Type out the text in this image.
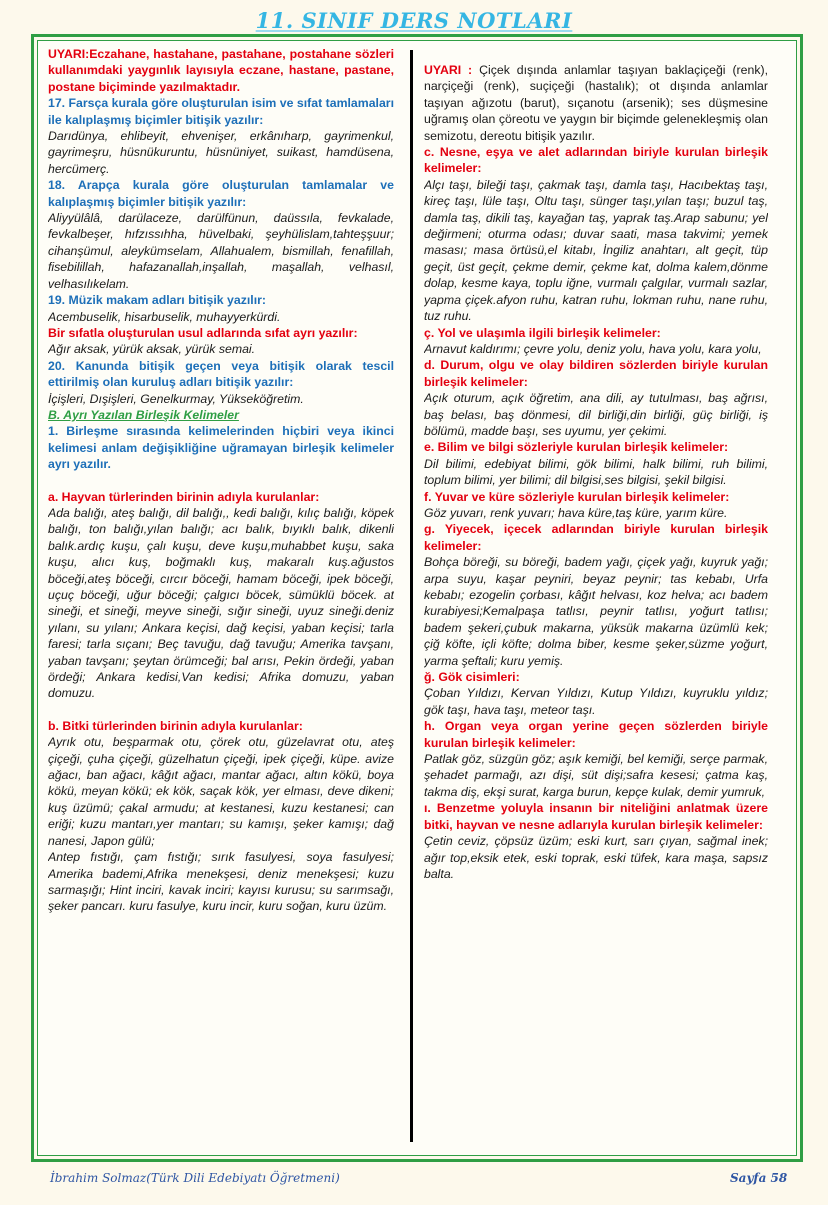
11. SINIF DERS NOTLARI

UYARI:Eczahane, hastahane, pastahane, postahane sözleri kullanımdaki yaygınlık layısıyla eczane, hastane, pastane, postane biçiminde yazılmaktadır.

17. Farsça kurala göre oluşturulan isim ve sıfat tamlamaları ile kalıplaşmış biçimler bitişik yazılır:

Darıdünya, ehlibeyit, ehvenişer, erkânıharp, gayrimenkul, gayrimeşru, hüsnükuruntu, hüsnüniyet, suikast, hamdüsena, hercümerç.

18. Arapça kurala göre oluşturulan tamlamalar ve kalıplaşmış biçimler bitişik yazılır:

Aliyyülâlâ, darülaceze, darülfünun, daüssıla, fevkalade, fevkalbeşer, hıfzıssıhha, hüvelbaki, şeyhülislam,tahteşşuur; cihanşümul, aleykümselam, Allahualem, bismillah, fenafillah, fisebilillah, hafazanallah,inşallah, maşallah, velhasıl, velhasılıkelam.

19. Müzik makam adları bitişik yazılır:

Acembuselik, hisarbuselik, muhayyerkürdi.

Bir sıfatla oluşturulan usul adlarında sıfat ayrı yazılır:

Ağır aksak, yürük aksak, yürük semai.

20. Kanunda bitişik geçen veya bitişik olarak tescil ettirilmiş olan kuruluş adları bitişik yazılır:

İçişleri, Dışişleri, Genelkurmay, Yükseköğretim.

B. Ayrı Yazılan Birleşik Kelimeler

1. Birleşme sırasında kelimelerinden hiçbiri veya ikinci kelimesi anlam değişikliğine uğramayan birleşik kelimeler ayrı yazılır.

a. Hayvan türlerinden birinin adıyla kurulanlar:

Ada balığı, ateş balığı, dil balığı,, kedi balığı, kılıç balığı, köpek balığı, ton balığı,yılan balığı; acı balık, bıyıklı balık, dikenli balık.ardıç kuşu, çalı kuşu, deve kuşu,muhabbet kuşu, saka kuşu, alıcı kuş, boğmaklı kuş, makaralı kuş.ağustos böceği,ateş böceği, cırcır böceği, hamam böceği, ipek böceği, uçuç böceği, uğur böceği; çalgıcı böcek, sümüklü böcek. at sineği, et sineği, meyve sineği, sığır sineği, uyuz sineği.deniz yılanı, su yılanı; Ankara keçisi, dağ keçisi, yaban keçisi; tarla faresi; tarla sıçanı; Beç tavuğu, dağ tavuğu; Amerika tavşanı, yaban tavşanı; şeytan örümceği; bal arısı, Pekin ördeği, yaban ördeği; Ankara kedisi,Van kedisi; Afrika domuzu, yaban domuzu.

b. Bitki türlerinden birinin adıyla kurulanlar:

Ayrık otu, beşparmak otu, çörek otu, güzelavrat otu, ateş çiçeği, çuha çiçeği, güzelhatun çiçeği, ipek çiçeği, küpe. avize ağacı, ban ağacı, kâğıt ağacı, mantar ağacı, altın kökü, boya kökü, meyan kökü; ek kök, saçak kök, yer elması, deve dikeni; kuş üzümü; çakal armudu; at kestanesi, kuzu kestanesi; can eriği; kuzu mantarı,yer mantarı; su kamışı, şeker kamışı; dağ nanesi, Japon gülü;

Antep fıstığı, çam fıstığı; sırık fasulyesi, soya fasulyesi; Amerika bademi,Afrika menekşesi, deniz menekşesi; kuzu sarmaşığı; Hint inciri, kavak inciri; kayısı kurusu; su sarımsağı, şeker pancarı. kuru fasulye, kuru incir, kuru soğan, kuru üzüm.

UYARI : Çiçek dışında anlamlar taşıyan baklaçiçeği (renk), narçiçeği (renk), suçiçeği (hastalık); ot dışında anlamlar taşıyan ağızotu (barut), sıçanotu (arsenik); ses düşmesine uğramış olan çöreotu ve yaygın bir biçimde gelenekleşmiş olan semizotu, dereotu bitişik yazılır.

c. Nesne, eşya ve alet adlarından biriyle kurulan birleşik kelimeler:

Alçı taşı, bileği taşı, çakmak taşı, damla taşı, Hacıbektaş taşı, kireç taşı, lüle taşı, Oltu taşı, sünger taşı,yılan taşı; buzul taş, damla taş, dikili taş, kayağan taş, yaprak taş.Arap sabunu; yel değirmeni; oturma odası; duvar saati, masa takvimi; yemek masası; masa örtüsü,el kitabı, İngiliz anahtarı, alt geçit, tüp geçit, üst geçit, çekme demir, çekme kat, dolma kalem,dönme dolap, kesme kaya, toplu iğne, vurmalı çalgılar, vurmalı sazlar, yapma çiçek.afyon ruhu, katran ruhu, lokman ruhu, nane ruhu, tuz ruhu.

ç. Yol ve ulaşımla ilgili birleşik kelimeler:

Arnavut kaldırımı; çevre yolu, deniz yolu, hava yolu, kara yolu,

d. Durum, olgu ve olay bildiren sözlerden biriyle kurulan birleşik kelimeler:

Açık oturum, açık öğretim, ana dili, ay tutulması, baş ağrısı, baş belası, baş dönmesi, dil birliği,din birliği, güç birliği, iş bölümü, madde başı, ses uyumu, yer çekimi.

e. Bilim ve bilgi sözleriyle kurulan birleşik kelimeler:

Dil bilimi, edebiyat bilimi, gök bilimi, halk bilimi, ruh bilimi, toplum bilimi, yer bilimi; dil bilgisi,ses bilgisi, şekil bilgisi.

f. Yuvar ve küre sözleriyle kurulan birleşik kelimeler:

Göz yuvarı, renk yuvarı; hava küre,taş küre, yarım küre.

g. Yiyecek, içecek adlarından biriyle kurulan birleşik kelimeler:

Bohça böreği, su böreği, badem yağı, çiçek yağı, kuyruk yağı; arpa suyu, kaşar peyniri, beyaz peynir; tas kebabı, Urfa kebabı; ezogelin çorbası, kâğıt helvası, koz helva; acı badem kurabiyesi;Kemalpaşa tatlısı, peynir tatlısı, yoğurt tatlısı; badem şekeri,çubuk makarna, yüksük makarna üzümlü kek; çiğ köfte, içli köfte; dolma biber, kesme şeker,süzme yoğurt, yarma şeftali; kuru yemiş.

ğ. Gök cisimleri:

Çoban Yıldızı, Kervan Yıldızı, Kutup Yıldızı, kuyruklu yıldız; gök taşı, hava taşı, meteor taşı.

h. Organ veya organ yerine geçen sözlerden biriyle kurulan birleşik kelimeler:

Patlak göz, süzgün göz; aşık kemiği, bel kemiği, serçe parmak, şehadet parmağı, azı dişi, süt dişi;safra kesesi; çatma kaş, takma diş, ekşi surat, karga burun, kepçe kulak, demir yumruk,

ı. Benzetme yoluyla insanın bir niteliğini anlatmak üzere bitki, hayvan ve nesne adlarıyla kurulan birleşik kelimeler:

Çetin ceviz, çöpsüz üzüm; eski kurt, sarı çıyan, sağmal inek; ağır top,eksik etek, eski toprak, eski tüfek, kara maşa, sapsız balta.

İbrahim Solmaz(Türk Dili Edebiyatı Öğretmeni)	Sayfa 58
